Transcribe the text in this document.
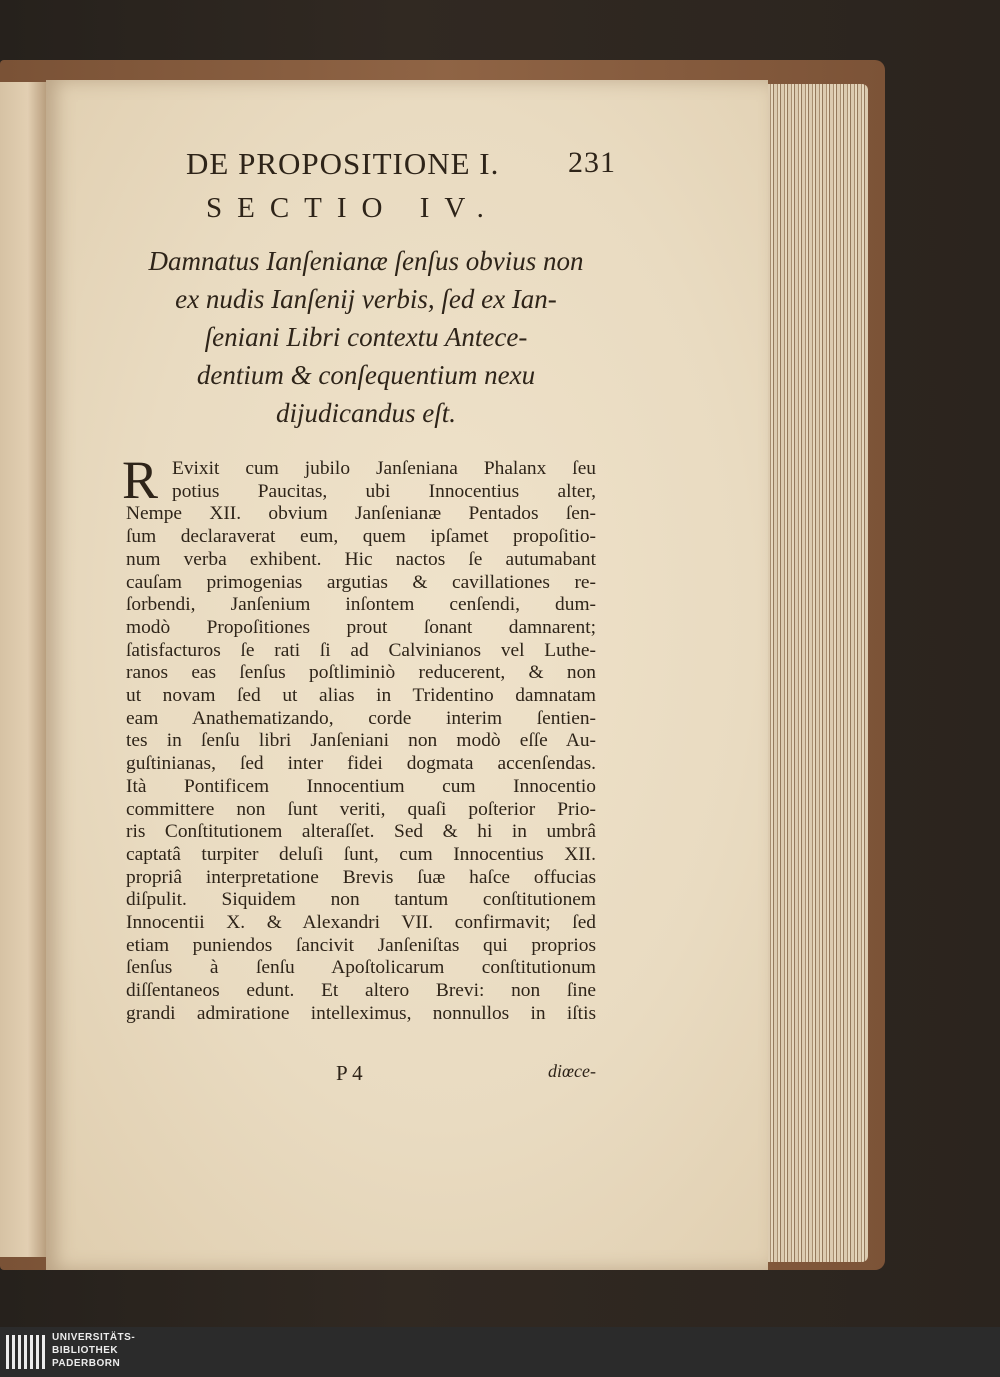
DE PROPOSITIONE I. 231
SECTIO IV.
Damnatus Ianſenianæ ſenſus obvius non
ex nudis Ianſenij verbis, ſed ex Ian-
ſeniani Libri contextu Antece-
dentium & conſequentium nexu
dijudicandus eſt.
R Evixit cum jubilo Janſeniana Phalanx ſeu
potius Paucitas, ubi Innocentius alter,
Nempe XII. obvium Janſenianæ Pentados ſen-
ſum declaraverat eum, quem ipſamet propoſitio-
num verba exhibent. Hic nactos ſe autumabant
cauſam primogenias argutias & cavillationes re-
ſorbendi, Janſenium inſontem cenſendi, dum-
modò Propoſitiones prout ſonant damnarent;
ſatisfacturos ſe rati ſi ad Calvinianos vel Luthe-
ranos eas ſenſus poſtliminiò reducerent, & non
ut novam ſed ut alias in Tridentino damnatam
eam Anathematizando, corde interim ſentien-
tes in ſenſu libri Janſeniani non modò eſſe Au-
guſtinianas, ſed inter fidei dogmata accenſendas.
Ità Pontificem Innocentium cum Innocentio
committere non ſunt veriti, quaſi poſterior Prio-
ris Conſtitutionem alteraſſet. Sed & hi in umbrâ
captatâ turpiter deluſi ſunt, cum Innocentius XII.
propriâ interpretatione Brevis ſuæ haſce offucias
diſpulit. Siquidem non tantum conſtitutionem
Innocentii X. & Alexandri VII. confirmavit; ſed
etiam puniendos ſancivit Janſeniſtas qui proprios
ſenſus à ſenſu Apoſtolicarum conſtitutionum
diſſentaneos edunt. Et altero Brevi: non ſine
grandi admiratione intelleximus, nonnullos in iſtis
P 4	diœce-
UNIVERSITÄTS-
BIBLIOTHEK
PADERBORN
